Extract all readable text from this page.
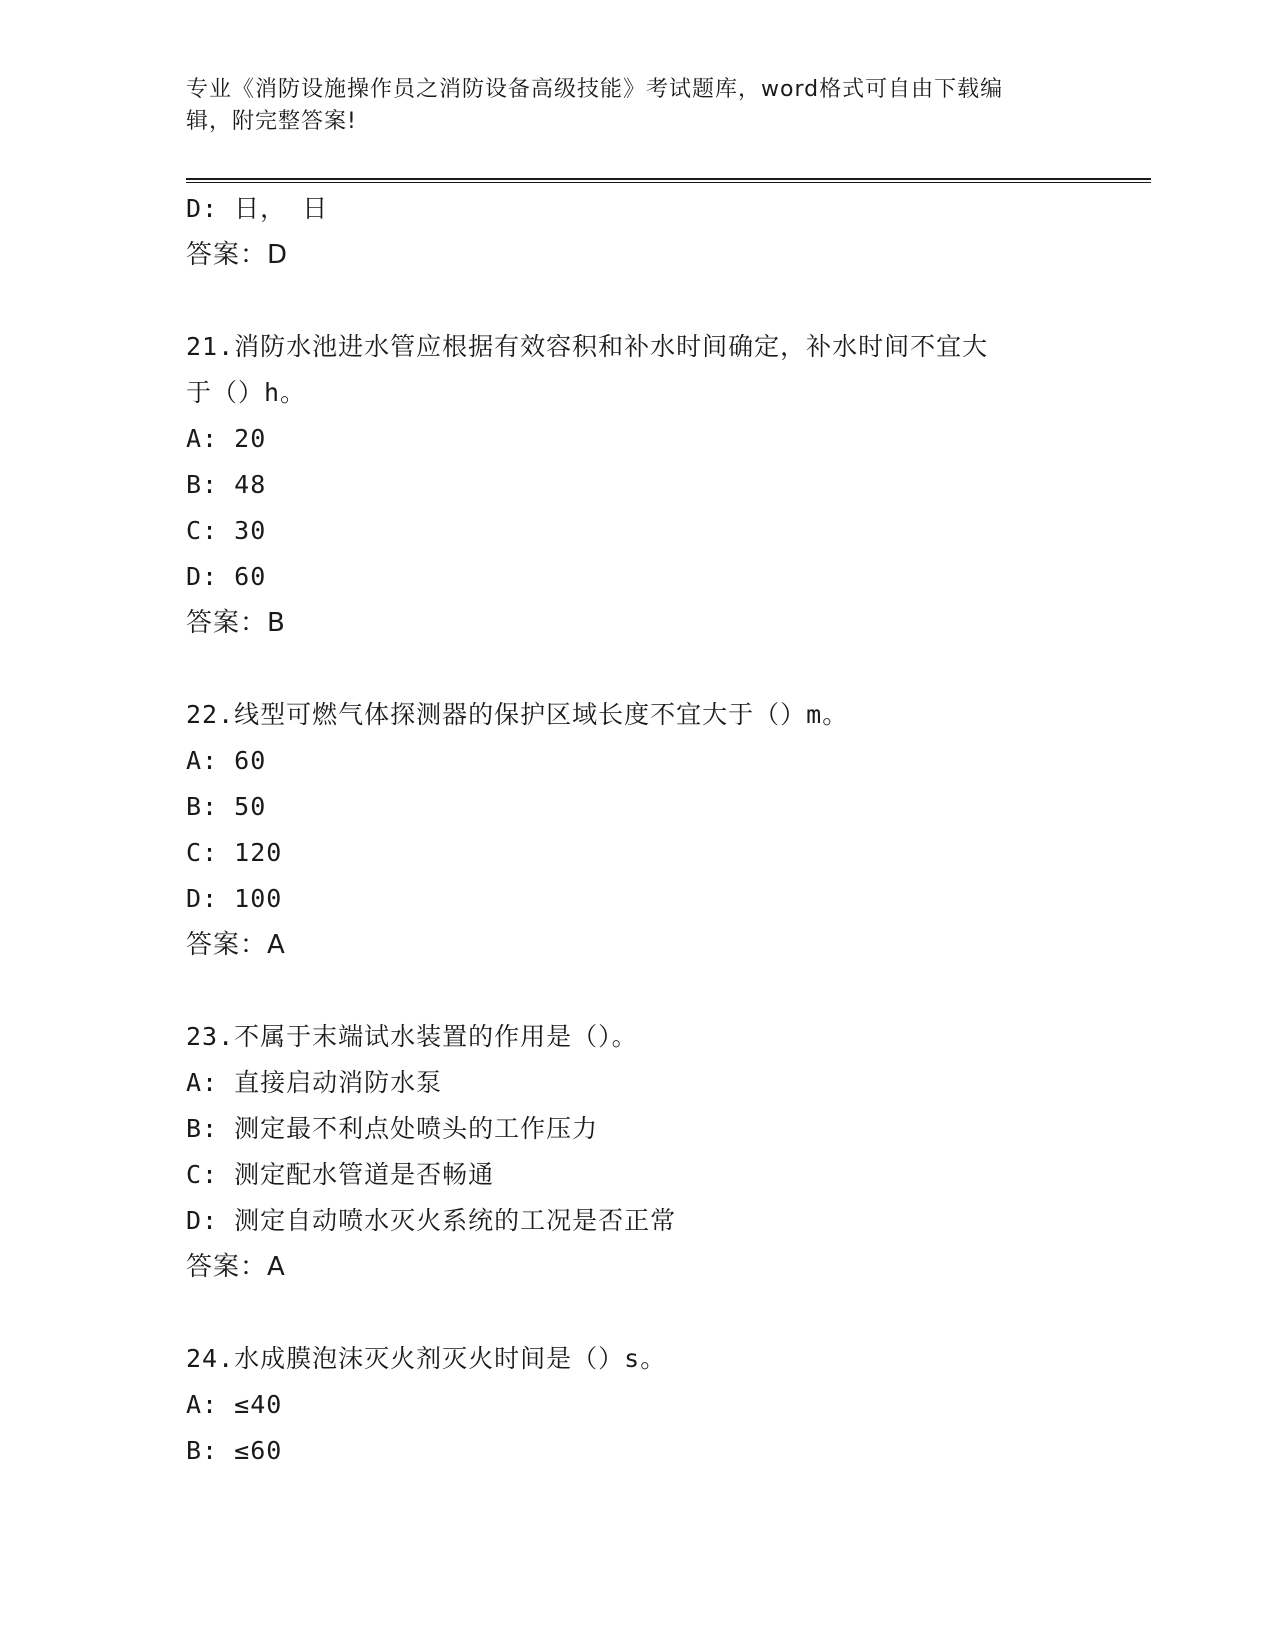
专业《消防设施操作员之消防设备高级技能》考试题库，word格式可自由下载编
辑，附完整答案!
D: 日， 日
答案：D
21.消防水池进水管应根据有效容积和补水时间确定，补水时间不宜大
于（）h。
A: 20
B: 48
C: 30
D: 60
答案：B
22.线型可燃气体探测器的保护区域长度不宜大于（）m。
A: 60
B: 50
C: 120
D: 100
答案：A
23.不属于末端试水装置的作用是（）。
A: 直接启动消防水泵
B: 测定最不利点处喷头的工作压力
C: 测定配水管道是否畅通
D: 测定自动喷水灭火系统的工况是否正常
答案：A
24.水成膜泡沫灭火剂灭火时间是（）s。
A: ≤40
B: ≤60
